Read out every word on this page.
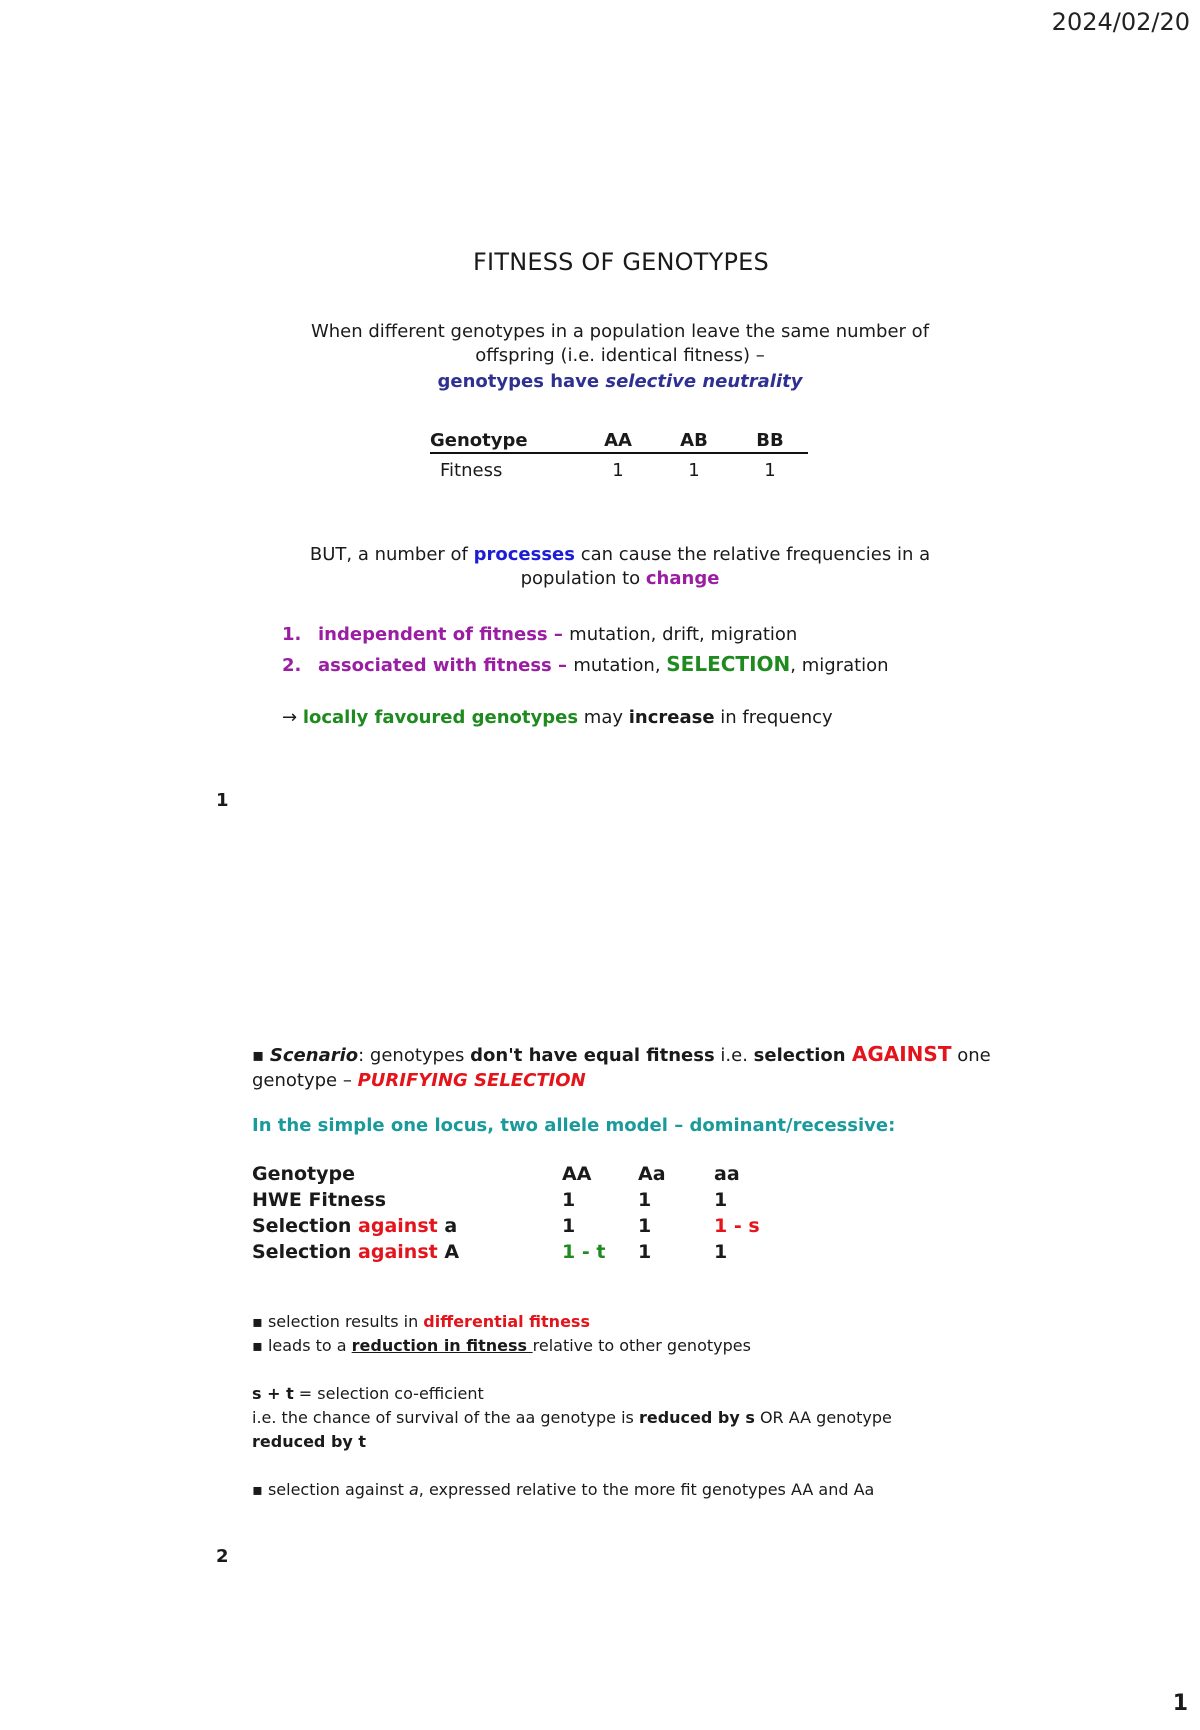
2024/02/20
FITNESS OF GENOTYPES
When different genotypes in a population leave the same number of
offspring (i.e. identical fitness) –
genotypes have selective neutrality
Genotype	AA	AB	BB
Fitness	1	1	1
BUT, a number of processes can cause the relative frequencies in a
population to change
1. independent of fitness – mutation, drift, migration
2. associated with fitness – mutation, SELECTION, migration
→ locally favoured genotypes may increase in frequency
1
▪ Scenario: genotypes don't have equal fitness i.e. selection AGAINST one
genotype – PURIFYING SELECTION
In the simple one locus, two allele model – dominant/recessive:
Genotype	AA	Aa	aa
HWE Fitness	1	1	1
Selection against a	1	1	1 - s
Selection against A	1 - t	1	1
▪ selection results in differential fitness
▪ leads to a reduction in fitness relative to other genotypes
s + t = selection co-efficient
i.e. the chance of survival of the aa genotype is reduced by s OR AA genotype
reduced by t
▪ selection against a, expressed relative to the more fit genotypes AA and Aa
2
1
